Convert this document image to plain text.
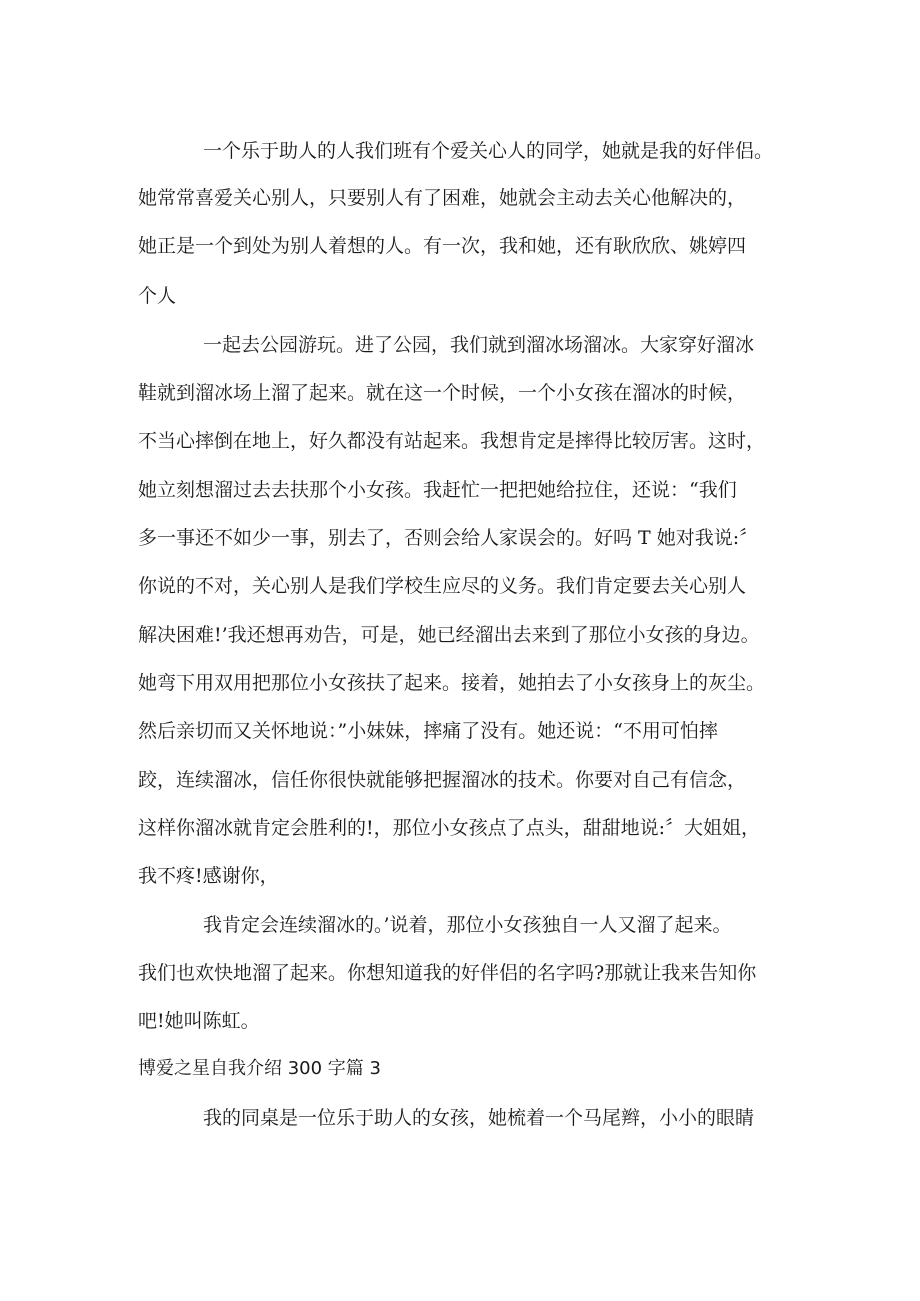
一个乐于助人的人我们班有个爱关心人的同学，她就是我的好伴侣。
她常常喜爱关心别人，只要别人有了困难，她就会主动去关心他解决的，
她正是一个到处为别人着想的人。有一次，我和她，还有耿欣欣、姚婷四
个人
一起去公园游玩。进了公园，我们就到溜冰场溜冰。大家穿好溜冰
鞋就到溜冰场上溜了起来。就在这一个时候，一个小女孩在溜冰的时候，
不当心摔倒在地上，好久都没有站起来。我想肯定是摔得比较厉害。这时，
她立刻想溜过去去扶那个小女孩。我赶忙一把把她给拉住，还说：“我们
多一事还不如少一事，别去了，否则会给人家误会的。好吗 T 她对我说:〞
你说的不对，关心别人是我们学校生应尽的义务。我们肯定要去关心别人
解决困难!’我还想再劝告，可是，她已经溜出去来到了那位小女孩的身边。
她弯下用双用把那位小女孩扶了起来。接着，她拍去了小女孩身上的灰尘。
然后亲切而又关怀地说：”小妹妹，摔痛了没有。她还说：“不用可怕摔
跤，连续溜冰，信任你很快就能够把握溜冰的技术。你要对自己有信念，
这样你溜冰就肯定会胜利的!，那位小女孩点了点头，甜甜地说:〞大姐姐，
我不疼!感谢你，
我肯定会连续溜冰的。’说着，那位小女孩独自一人又溜了起来。
我们也欢快地溜了起来。你想知道我的好伴侣的名字吗?那就让我来告知你
吧!她叫陈虹。
博爱之星自我介绍 300 字篇 3
我的同桌是一位乐于助人的女孩，她梳着一个马尾辫，小小的眼睛
